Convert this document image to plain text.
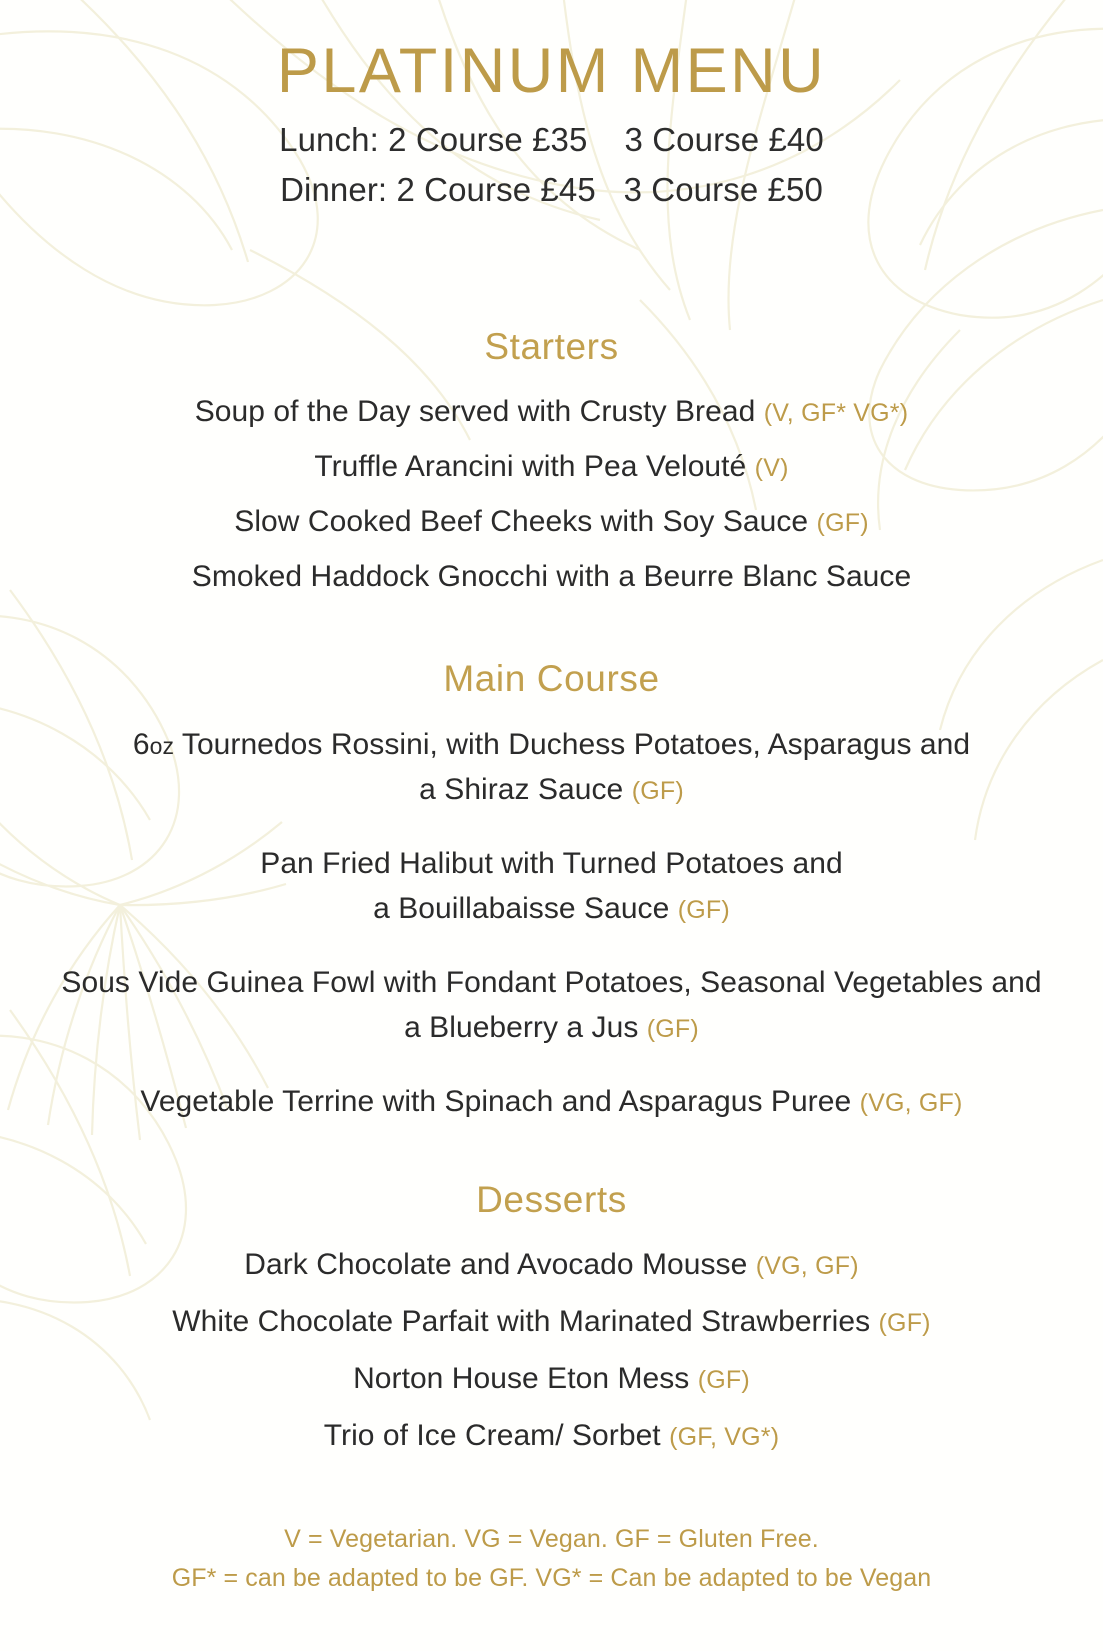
PLATINUM MENU
Lunch: 2 Course £35    3 Course £40
Dinner: 2 Course £45   3 Course £50
Starters
Soup of the Day served with Crusty Bread (V, GF* VG*)
Truffle Arancini with Pea Velouté (V)
Slow Cooked Beef Cheeks with Soy Sauce (GF)
Smoked Haddock Gnocchi with a Beurre Blanc Sauce
Main Course
6oz Tournedos Rossini, with Duchess Potatoes, Asparagus and
a Shiraz Sauce (GF)
Pan Fried Halibut with Turned Potatoes and
a Bouillabaisse Sauce (GF)
Sous Vide Guinea Fowl with Fondant Potatoes, Seasonal Vegetables and
a Blueberry a Jus (GF)
Vegetable Terrine with Spinach and Asparagus Puree (VG, GF)
Desserts
Dark Chocolate and Avocado Mousse (VG, GF)
White Chocolate Parfait with Marinated Strawberries (GF)
Norton House Eton Mess (GF)
Trio of Ice Cream/ Sorbet (GF, VG*)
V = Vegetarian. VG = Vegan. GF = Gluten Free.
GF* = can be adapted to be GF. VG* = Can be adapted to be Vegan
